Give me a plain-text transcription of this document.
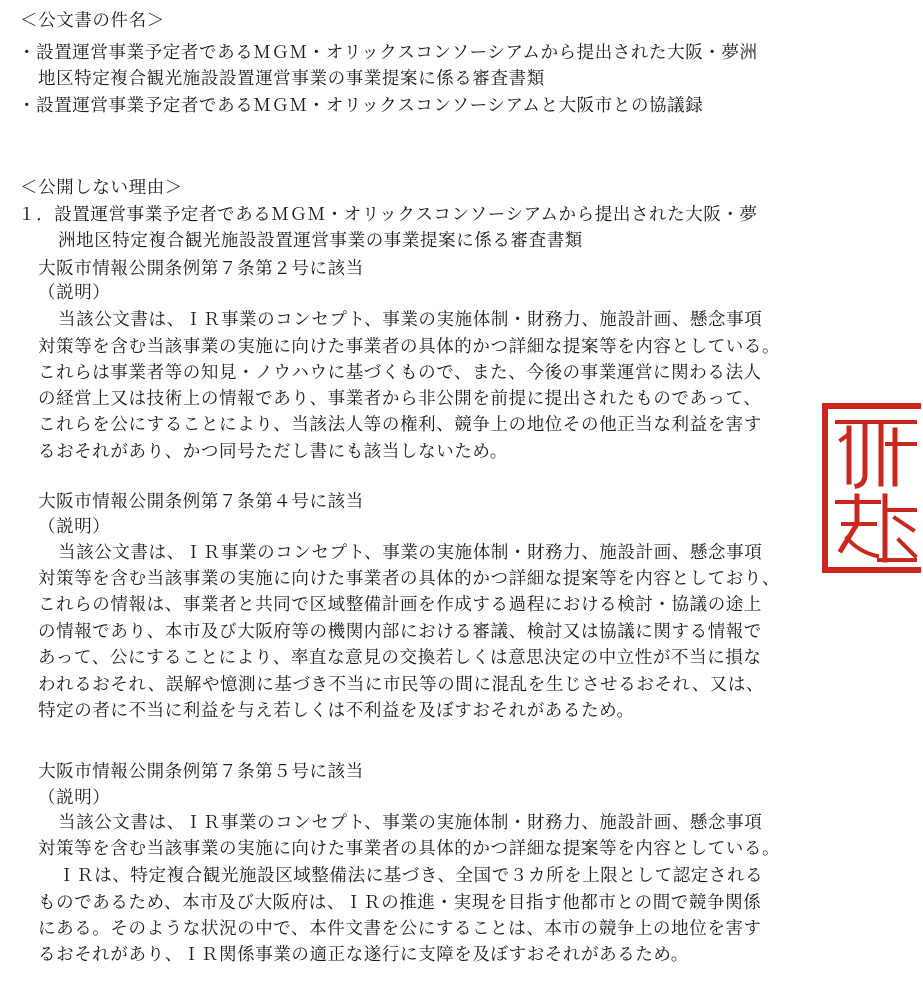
＜公文書の件名＞
・設置運営事業予定者であるＭＧＭ・オリックスコンソーシアムから提出された大阪・夢洲
地区特定複合観光施設設置運営事業の事業提案に係る審査書類
・設置運営事業予定者であるＭＧＭ・オリックスコンソーシアムと大阪市との協議録
＜公開しない理由＞
１．設置運営事業予定者であるＭＧＭ・オリックスコンソーシアムから提出された大阪・夢
洲地区特定複合観光施設設置運営事業の事業提案に係る審査書類
大阪市情報公開条例第７条第２号に該当
（説明）
当該公文書は、ＩＲ事業のコンセプト、事業の実施体制・財務力、施設計画、懸念事項
対策等を含む当該事業の実施に向けた事業者の具体的かつ詳細な提案等を内容としている。
これらは事業者等の知見・ノウハウに基づくもので、また、今後の事業運営に関わる法人
の経営上又は技術上の情報であり、事業者から非公開を前提に提出されたものであって、
これらを公にすることにより、当該法人等の権利、競争上の地位その他正当な利益を害す
るおそれがあり、かつ同号ただし書にも該当しないため。
大阪市情報公開条例第７条第４号に該当
（説明）
当該公文書は、ＩＲ事業のコンセプト、事業の実施体制・財務力、施設計画、懸念事項
対策等を含む当該事業の実施に向けた事業者の具体的かつ詳細な提案等を内容としており、
これらの情報は、事業者と共同で区域整備計画を作成する過程における検討・協議の途上
の情報であり、本市及び大阪府等の機関内部における審議、検討又は協議に関する情報で
あって、公にすることにより、率直な意見の交換若しくは意思決定の中立性が不当に損な
われるおそれ、誤解や憶測に基づき不当に市民等の間に混乱を生じさせるおそれ、又は、
特定の者に不当に利益を与え若しくは不利益を及ぼすおそれがあるため。
大阪市情報公開条例第７条第５号に該当
（説明）
当該公文書は、ＩＲ事業のコンセプト、事業の実施体制・財務力、施設計画、懸念事項
対策等を含む当該事業の実施に向けた事業者の具体的かつ詳細な提案等を内容としている。
ＩＲは、特定複合観光施設区域整備法に基づき、全国で３カ所を上限として認定される
ものであるため、本市及び大阪府は、ＩＲの推進・実現を目指す他都市との間で競争関係
にある。そのような状況の中で、本件文書を公にすることは、本市の競争上の地位を害す
るおそれがあり、ＩＲ関係事業の適正な遂行に支障を及ぼすおそれがあるため。
